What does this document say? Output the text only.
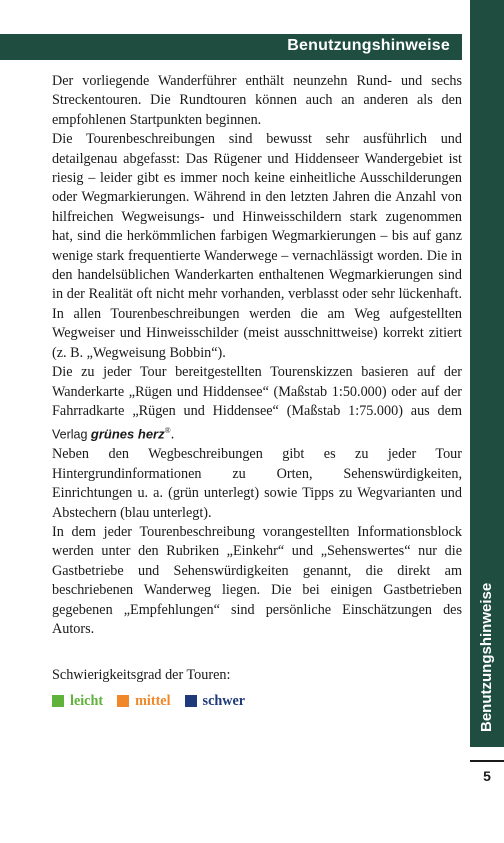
Benutzungshinweise
Benutzungshinweise
5

Der vorliegende Wanderführer enthält neunzehn Rund- und sechs Streckentouren. Die Rundtouren können auch an anderen als den empfohlenen Startpunkten beginnen.

Die Tourenbeschreibungen sind bewusst sehr ausführlich und detailgenau abgefasst: Das Rügener und Hiddenseer Wandergebiet ist riesig – leider gibt es immer noch keine einheitliche Ausschilderungen oder Wegmarkierungen. Während in den letzten Jahren die Anzahl von hilfreichen Wegweisungs- und Hinweisschildern stark zugenommen hat, sind die herkömmlichen farbigen Wegmarkierungen – bis auf ganz wenige stark frequentierte Wanderwege – vernachlässigt worden. Die in den handelsüblichen Wanderkarten enthaltenen Wegmarkierungen sind in der Realität oft nicht mehr vorhanden, verblasst oder sehr lückenhaft. In allen Tourenbeschreibungen werden die am Weg aufgestellten Wegweiser und Hinweisschilder (meist ausschnittweise) korrekt zitiert (z. B. „Wegweisung Bobbin“).

Die zu jeder Tour bereitgestellten Tourenskizzen basieren auf der Wanderkarte „Rügen und Hiddensee“ (Maßstab 1:50.000) oder auf der Fahrradkarte „Rügen und Hiddensee“ (Maßstab 1:75.000) aus dem Verlag grünes herz®.

Neben den Wegbeschreibungen gibt es zu jeder Tour Hintergrundinformationen zu Orten, Sehenswürdigkeiten, Einrichtungen u. a. (grün unterlegt) sowie Tipps zu Wegvarianten und Abstechern (blau unterlegt).

In dem jeder Tourenbeschreibung vorangestellten Informationsblock werden unter den Rubriken „Einkehr“ und „Sehenswertes“ nur die Gastbetriebe und Sehenswürdigkeiten genannt, die direkt am beschriebenen Wanderweg liegen. Die bei einigen Gastbetrieben gegebenen „Empfehlungen“ sind persönliche Einschätzungen des Autors.

Schwierigkeitsgrad der Touren:
leicht mittel schwer
